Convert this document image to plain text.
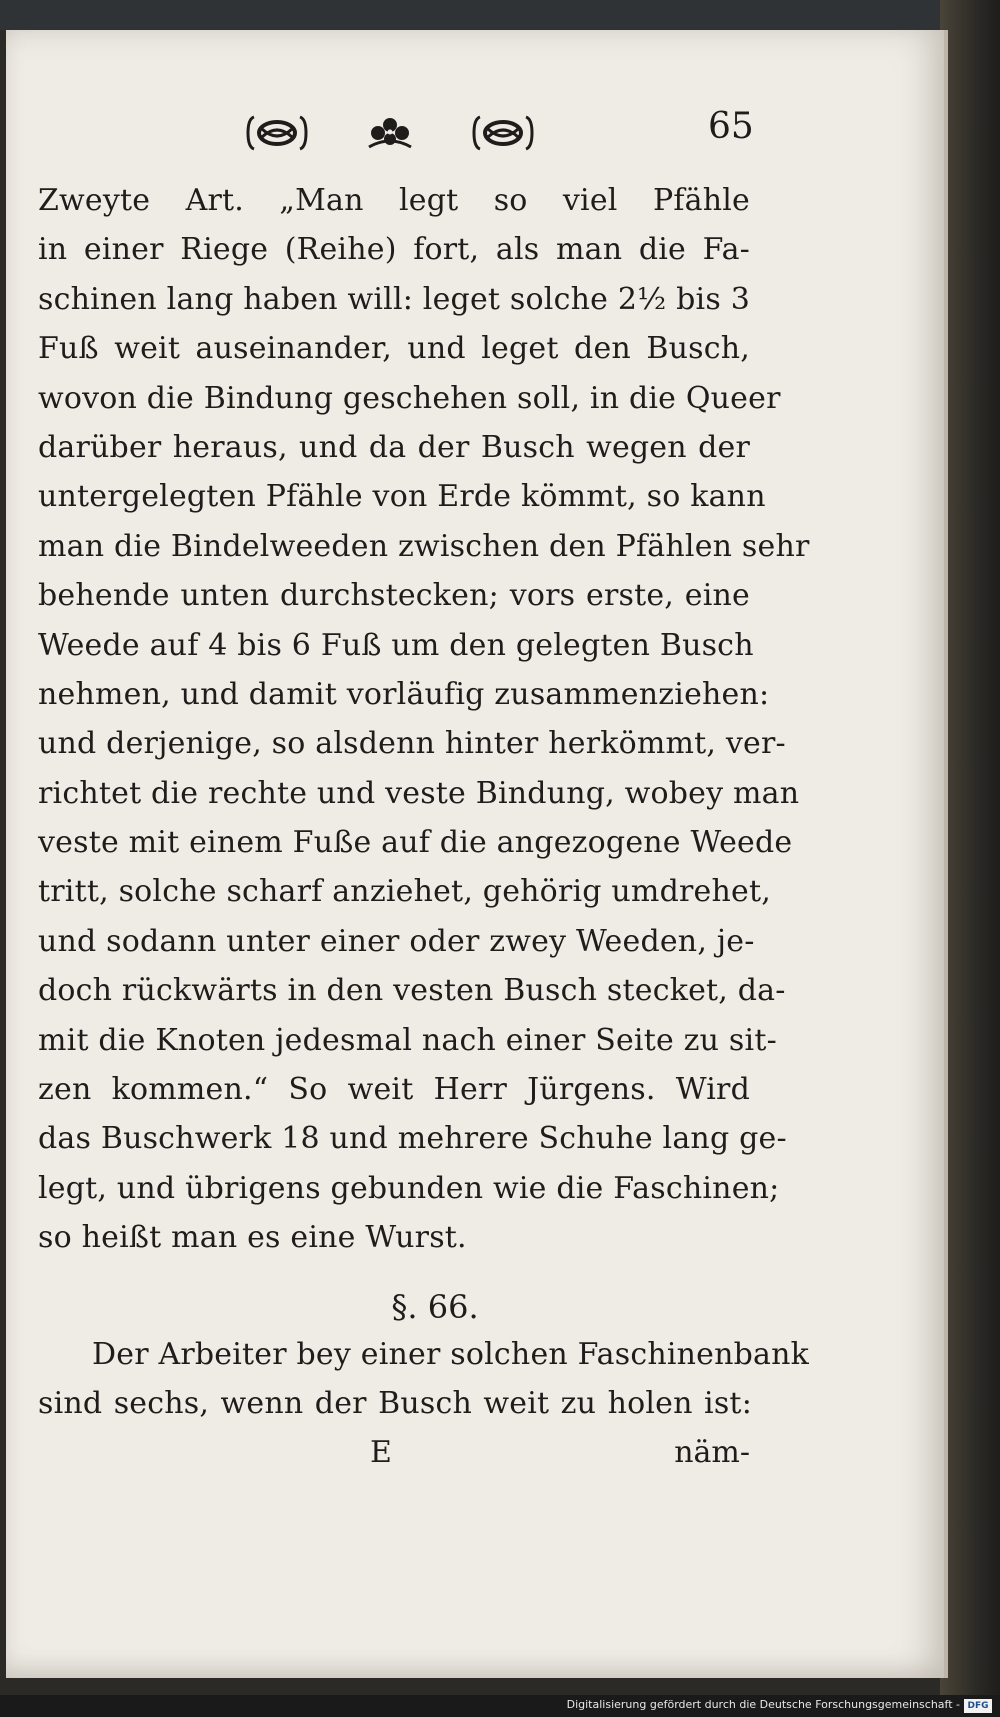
65
Zweyte Art. „Man legt so viel Pfähle
in einer Riege (Reihe) fort, als man die Fa-
schinen lang haben will: leget solche 2½ bis 3
Fuß weit auseinander, und leget den Busch,
wovon die Bindung geschehen soll, in die Queer
darüber heraus, und da der Busch wegen der
untergelegten Pfähle von Erde kömmt, so kann
man die Bindelweeden zwischen den Pfählen sehr
behende unten durchstecken; vors erste, eine
Weede auf 4 bis 6 Fuß um den gelegten Busch
nehmen, und damit vorläufig zusammenziehen:
und derjenige, so alsdenn hinter herkömmt, ver-
richtet die rechte und veste Bindung, wobey man
veste mit einem Fuße auf die angezogene Weede
tritt, solche scharf anziehet, gehörig umdrehet,
und sodann unter einer oder zwey Weeden, je-
doch rückwärts in den vesten Busch stecket, da-
mit die Knoten jedesmal nach einer Seite zu sit-
zen kommen.“ So weit Herr Jürgens. Wird
das Buschwerk 18 und mehrere Schuhe lang ge-
legt, und übrigens gebunden wie die Faschinen;
so heißt man es eine Wurst.
§. 66.
Der Arbeiter bey einer solchen Faschinenbank
sind sechs, wenn der Busch weit zu holen ist:
E	näm-
Digitalisierung gefördert durch die Deutsche Forschungsgemeinschaft - DFG
